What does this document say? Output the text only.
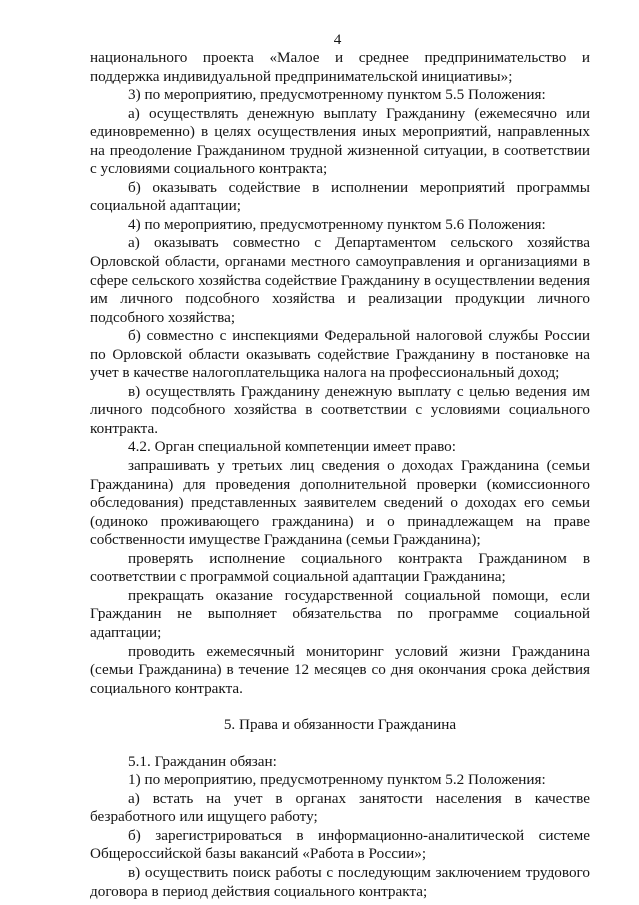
4

национального проекта «Малое и среднее предпринимательство и поддержка индивидуальной предпринимательской инициативы»;

3) по мероприятию, предусмотренному пунктом 5.5 Положения:

а) осуществлять денежную выплату Гражданину (ежемесячно или единовременно) в целях осуществления иных мероприятий, направленных на преодоление Гражданином трудной жизненной ситуации, в соответствии с условиями социального контракта;

б) оказывать содействие в исполнении мероприятий программы социальной адаптации;

4) по мероприятию, предусмотренному пунктом 5.6 Положения:

а) оказывать совместно с Департаментом сельского хозяйства Орловской области, органами местного самоуправления и организациями в сфере сельского хозяйства содействие Гражданину в осуществлении ведения им личного подсобного хозяйства и реализации продукции личного подсобного хозяйства;

б) совместно с инспекциями Федеральной налоговой службы России по Орловской области оказывать содействие Гражданину в постановке на учет в качестве налогоплательщика налога на профессиональный доход;

в) осуществлять Гражданину денежную выплату с целью ведения им личного подсобного хозяйства в соответствии с условиями социального контракта.

4.2. Орган специальной компетенции имеет право:

запрашивать у третьих лиц сведения о доходах Гражданина (семьи Гражданина) для проведения дополнительной проверки (комиссионного обследования) представленных заявителем сведений о доходах его семьи (одиноко проживающего гражданина) и о принадлежащем на праве собственности имуществе Гражданина (семьи Гражданина);

проверять исполнение социального контракта Гражданином в соответствии с программой социальной адаптации Гражданина;

прекращать оказание государственной социальной помощи, если Гражданин не выполняет обязательства по программе социальной адаптации;

проводить ежемесячный мониторинг условий жизни Гражданина (семьи Гражданина) в течение 12 месяцев со дня окончания срока действия социального контракта.

5. Права и обязанности Гражданина

5.1. Гражданин обязан:

1) по мероприятию, предусмотренному пунктом 5.2 Положения:

а) встать на учет в органах занятости населения в качестве безработного или ищущего работу;

б) зарегистрироваться в информационно-аналитической системе Общероссийской базы вакансий «Работа в России»;

в) осуществить поиск работы с последующим заключением трудового договора в период действия социального контракта;
